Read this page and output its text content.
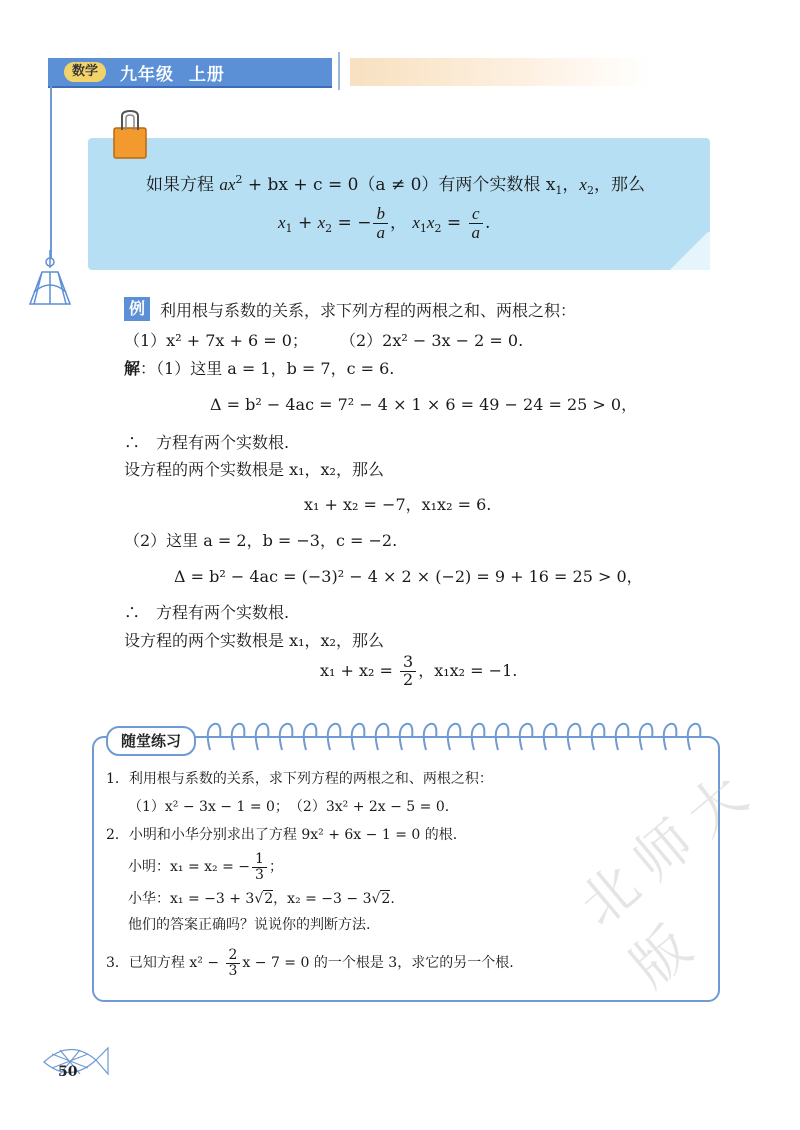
数学	九年级 上册
如果方程 $ax^2$ + bx + c = 0（a ≠ 0）有两个实数根 $x_1$，$x_2$，那么
$x_1 + x_2$ = − $\frac{b}{a}$ ， $x_1x_2 = \frac{c}{a}$ .
例 利用根与系数的关系，求下列方程的两根之和、两根之积：
（1）x² + 7x + 6 = 0； （2）2x² − 3x − 2 = 0.
解：（1）这里 a = 1，b = 7，c = 6.
Δ = b² − 4ac = 7² − 4 × 1 × 6 = 49 − 24 = 25 > 0，
∴　方程有两个实数根.
设方程的两个实数根是 x₁，x₂，那么
x₁ + x₂ = −7，x₁x₂ = 6.
（2）这里 a = 2，b = −3，c = −2.
Δ = b² − 4ac = (−3)² − 4 × 2 × (−2) = 9 + 16 = 25 > 0，
∴　方程有两个实数根.
设方程的两个实数根是 x₁，x₂，那么
$x_1 + x_2 = \frac{3}{2}$ ，x₁x₂ = −1.
随堂练习
1．利用根与系数的关系，求下列方程的两根之和、两根之积：
（1）x² − 3x − 1 = 0；　（2）3x² + 2x − 5 = 0.
2．小明和小华分别求出了方程 9x² + 6x − 1 = 0 的根.
小明：x₁ = x₂ = − $\frac{1}{3}$ ；
小华：x₁ = −3 + 3√2，x₂ = −3 − 3√2.
他们的答案正确吗？说说你的判断方法.
3．已知方程 $x^2 - \frac{2}{3}$ x − 7 = 0 的一个根是 3，求它的另一个根.
50
北师大版
